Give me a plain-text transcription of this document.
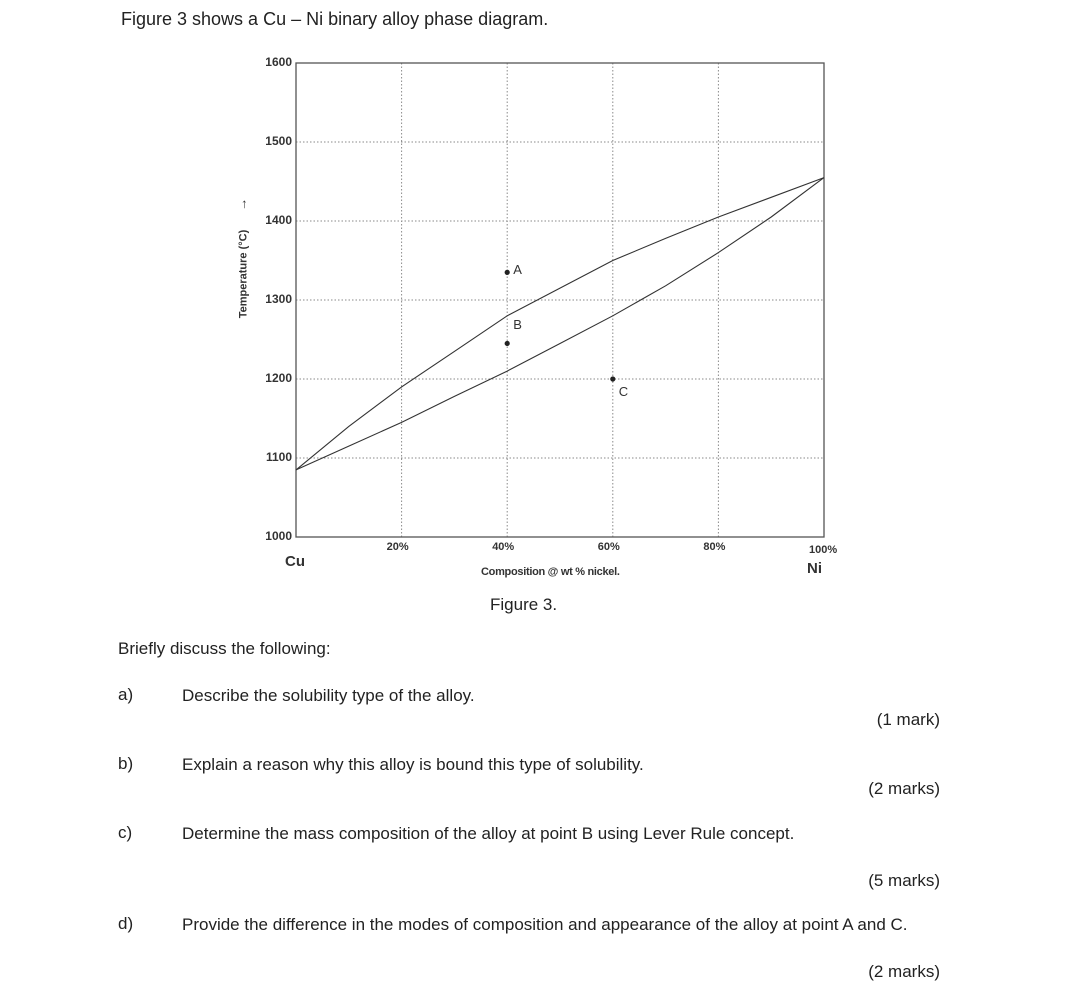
Figure 3 shows a Cu – Ni binary alloy phase diagram.
1600
1500
1400
1300
1200
1100
1000
20%	40%	60%	80%	100%
A
B
C
Temperature (°C) →
Cu	Ni
Composition @ wt % nickel.
Figure 3.
Briefly discuss the following:
a)	Describe the solubility type of the alloy.
(1 mark)
b)	Explain a reason why this alloy is bound this type of solubility.
(2 marks)
c)	Determine the mass composition of the alloy at point B using Lever Rule concept.
(5 marks)
d)	Provide the difference in the modes of composition and appearance of the alloy at point A and C.
(2 marks)
